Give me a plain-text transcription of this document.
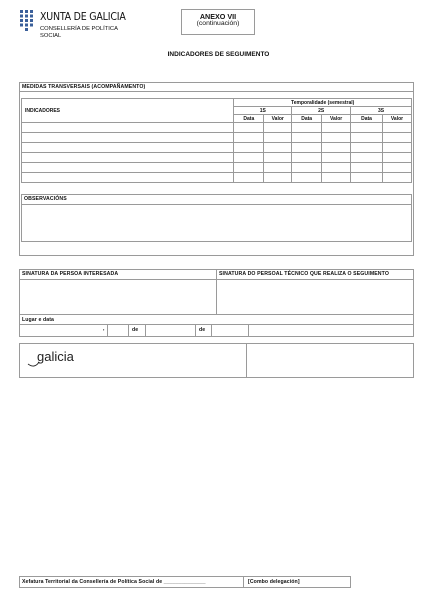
XUNTA DE GALICIA
CONSELLERÍA DE POLÍTICA
SOCIAL
ANEXO VII
(continuación)
INDICADORES DE SEGUIMENTO
MEDIDAS TRANSVERSAIS (ACOMPAÑAMENTO)
INDICADORES	Temporalidade (semestral)					
	1S		2S		3S	
	Data	Valor	Data	Valor	Data	Valor

OBSERVACIÓNS
SINATURA DA PERSOA INTERESADA	SINATURA DO PERSOAL TÉCNICO QUE REALIZA O SEGUIMENTO
Lugar e data
,	de	de
galicia
Xefatura Territorial da Consellería de Política Social de ______________	[Combo delegación]
